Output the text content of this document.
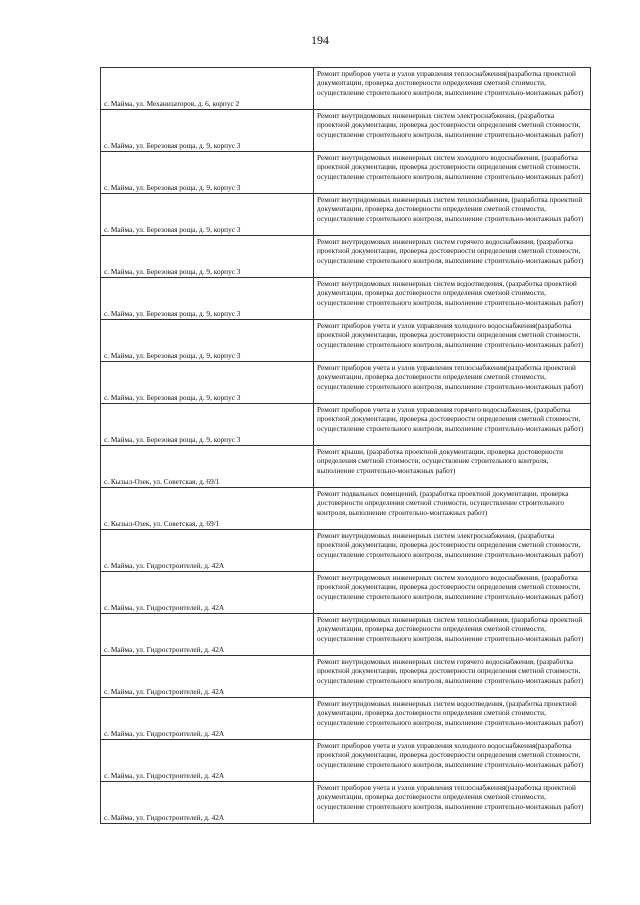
194
с. Майма, ул. Механизаторов, д. 6, корпус 2	Ремонт приборов учета и узлов управления теплоснабжения(разработка проектной документации, проверка достоверности определения сметной стоимости, осуществление строительного контроля, выполнение строительно-монтажных работ)
с. Майма, ул. Березовая роща, д. 9, корпус 3	Ремонт внутридомовых инженерных систем электроснабжения, (разработка проектной документации, проверка достоверности определения сметной стоимости, осуществление строительного контроля, выполнение строительно-монтажных работ)
с. Майма, ул. Березовая роща, д. 9, корпус 3	Ремонт внутридомовых инженерных систем холодного водоснабжения, (разработка проектной документации, проверка достоверности определения сметной стоимости, осуществление строительного контроля, выполнение строительно-монтажных работ)
с. Майма, ул. Березовая роща, д. 9, корпус 3	Ремонт внутридомовых инженерных систем теплоснабжения, (разработка проектной документации, проверка достоверности определения сметной стоимости, осуществление строительного контроля, выполнение строительно-монтажных работ)
с. Майма, ул. Березовая роща, д. 9, корпус 3	Ремонт внутридомовых инженерных систем горячего водоснабжения, (разработка проектной документации, проверка достоверности определения сметной стоимости, осуществление строительного контроля, выполнение строительно-монтажных работ)
с. Майма, ул. Березовая роща, д. 9, корпус 3	Ремонт внутридомовых инженерных систем водоотведения, (разработка проектной документации, проверка достоверности определения сметной стоимости, осуществление строительного контроля, выполнение строительно-монтажных работ)
с. Майма, ул. Березовая роща, д. 9, корпус 3	Ремонт приборов учета и узлов управления холодного водоснабжения(разработка проектной документации, проверка достоверности определения сметной стоимости, осуществление строительного контроля, выполнение строительно-монтажных работ)
с. Майма, ул. Березовая роща, д. 9, корпус 3	Ремонт приборов учета и узлов управления теплоснабжения(разработка проектной документации, проверка достоверности определения сметной стоимости, осуществление строительного контроля, выполнение строительно-монтажных работ)
с. Майма, ул. Березовая роща, д. 9, корпус 3	Ремонт приборов учета и узлов управления горячего водоснабжения, (разработка проектной документации, проверка достоверности определения сметной стоимости, осуществление строительного контроля, выполнение строительно-монтажных работ)
с. Кызыл-Озек, ул. Советская, д. 69/1	Ремонт крыши, (разработка проектной документации, проверка достоверности определения сметной стоимости, осуществление строительного контроля, выполнение строительно-монтажных работ)
с. Кызыл-Озек, ул. Советская, д. 69/1	Ремонт подвальных помещений, (разработка проектной документации, проверка достоверности определения сметной стоимости, осуществление строительного контроля, выполнение строительно-монтажных работ)
с. Майма, ул. Гидростроителей, д. 42А	Ремонт внутридомовых инженерных систем электроснабжения, (разработка проектной документации, проверка достоверности определения сметной стоимости, осуществление строительного контроля, выполнение строительно-монтажных работ)
с. Майма, ул. Гидростроителей, д. 42А	Ремонт внутридомовых инженерных систем холодного водоснабжения, (разработка проектной документации, проверка достоверности определения сметной стоимости, осуществление строительного контроля, выполнение строительно-монтажных работ)
с. Майма, ул. Гидростроителей, д. 42А	Ремонт внутридомовых инженерных систем теплоснабжения, (разработка проектной документации, проверка достоверности определения сметной стоимости, осуществление строительного контроля, выполнение строительно-монтажных работ)
с. Майма, ул. Гидростроителей, д. 42А	Ремонт внутридомовых инженерных систем горячего водоснабжения, (разработка проектной документации, проверка достоверности определения сметной стоимости, осуществление строительного контроля, выполнение строительно-монтажных работ)
с. Майма, ул. Гидростроителей, д. 42А	Ремонт внутридомовых инженерных систем водоотведения, (разработка проектной документации, проверка достоверности определения сметной стоимости, осуществление строительного контроля, выполнение строительно-монтажных работ)
с. Майма, ул. Гидростроителей, д. 42А	Ремонт приборов учета и узлов управления холодного водоснабжения(разработка проектной документации, проверка достоверности определения сметной стоимости, осуществление строительного контроля, выполнение строительно-монтажных работ)
с. Майма, ул. Гидростроителей, д. 42А	Ремонт приборов учета и узлов управления теплоснабжения(разработка проектной документации, проверка достоверности определения сметной стоимости, осуществление строительного контроля, выполнение строительно-монтажных работ)
